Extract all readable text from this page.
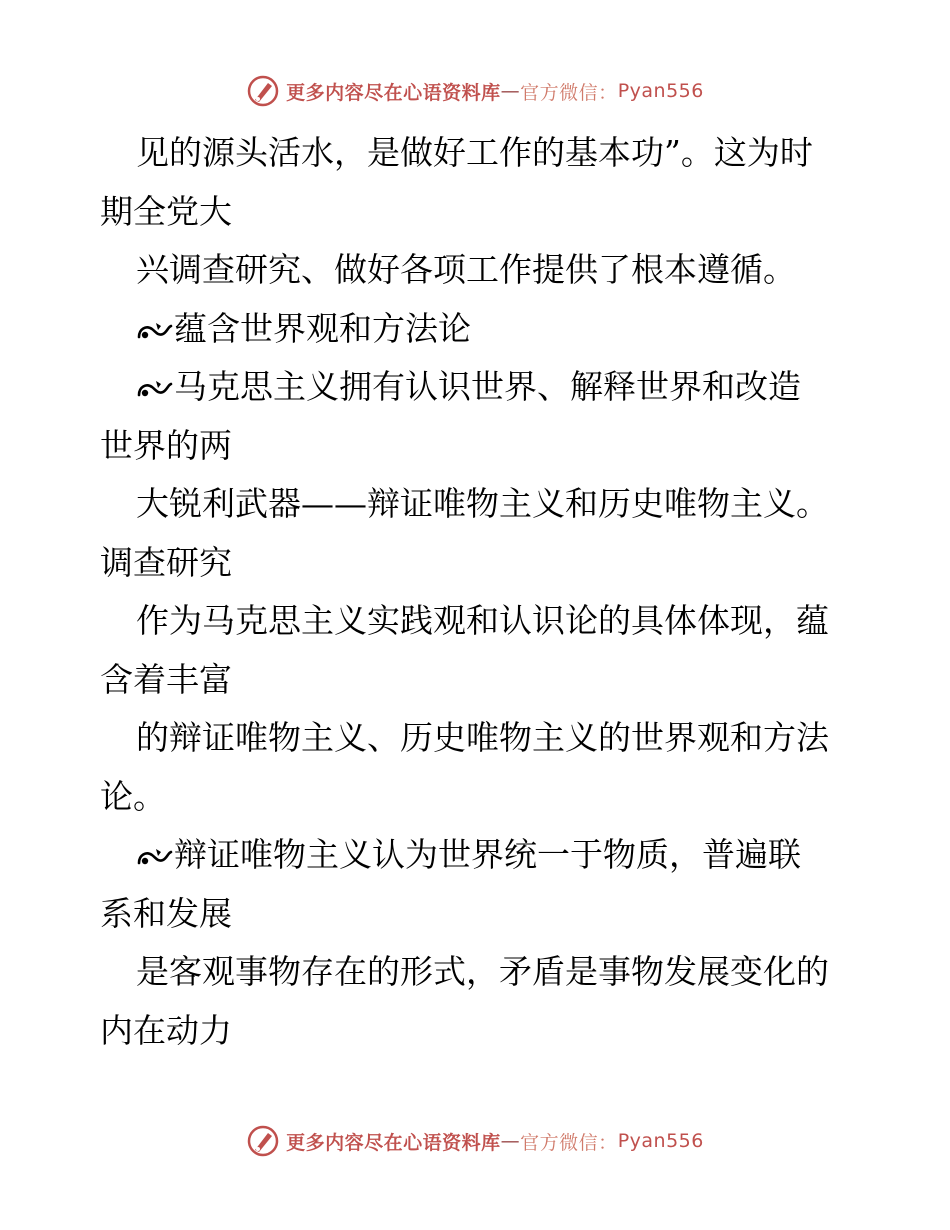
更多内容尽在心语资料库 — 官方微信： Pyan556
见的源头活水，是做好工作的基本功”。这为时
期全党大
兴调查研究、做好各项工作提供了根本遵循。
蕴含世界观和方法论
马克思主义拥有认识世界、解释世界和改造
世界的两
大锐利武器——辩证唯物主义和历史唯物主义。
调查研究
作为马克思主义实践观和认识论的具体体现，蕴
含着丰富
的辩证唯物主义、历史唯物主义的世界观和方法
论。
辩证唯物主义认为世界统一于物质，普遍联
系和发展
是客观事物存在的形式，矛盾是事物发展变化的
内在动力
更多内容尽在心语资料库 — 官方微信： Pyan556
